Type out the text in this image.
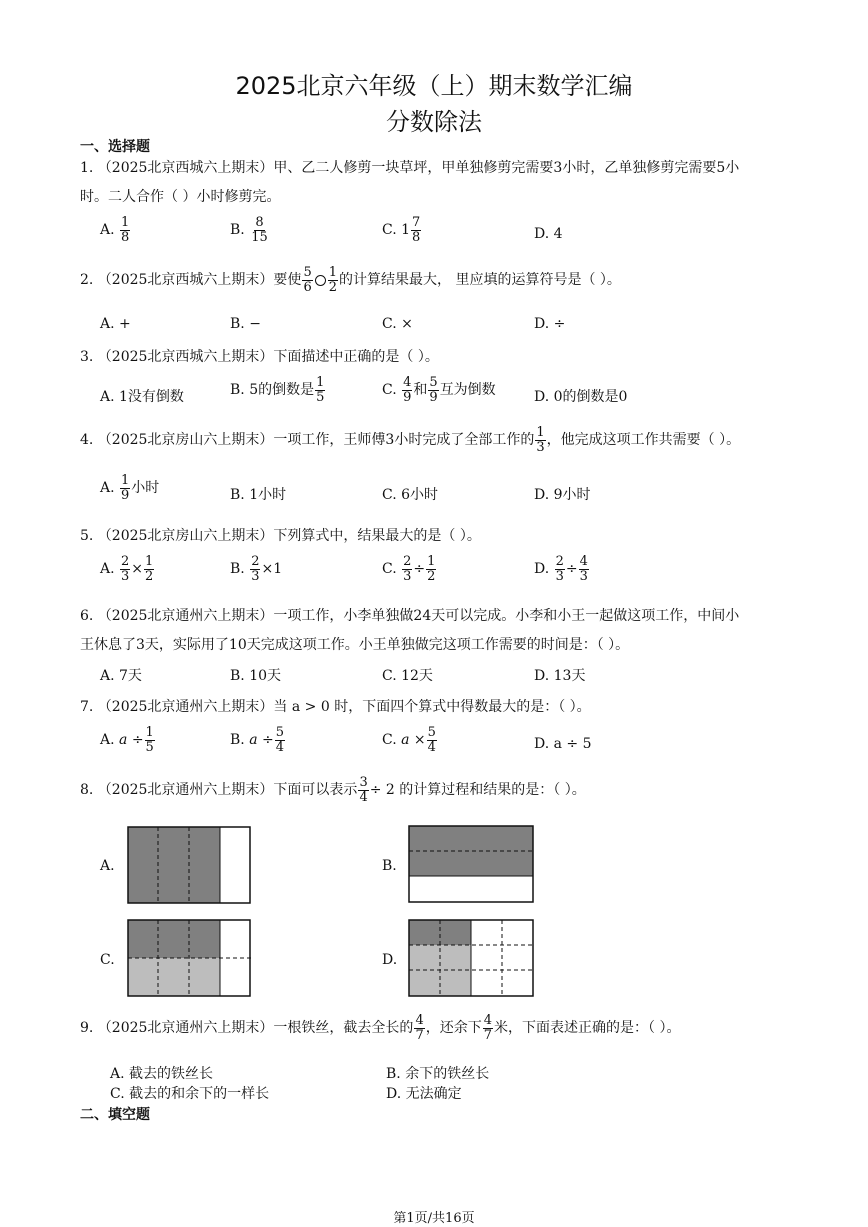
2025北京六年级（上）期末数学汇编
分数除法
一、选择题
1. （2025北京西城六上期末）甲、乙二人修剪一块草坪，甲单独修剪完需要3小时，乙单独修剪完需要5小
时。二人合作（ ）小时修剪完。
A. $\frac{1}{8}$	B. $\frac{8}{15}$	C. $1 \frac{7}{8}$	D. 4
2. （2025北京西城六上期末）要使 $\frac{5}{6} \frac{1}{2}$ 的计算结果最大， 里应填的运算符号是（ ）。
A. +	B. −	C. ×	D. ÷
3. （2025北京西城六上期末）下面描述中正确的是（ ）。
A. 1没有倒数	B. 5的倒数是 $\frac{1}{5}$	C. $\frac{4}{9}$ 和 $\frac{5}{9}$ 互为倒数	D. 0的倒数是0
4. （2025北京房山六上期末）一项工作，王师傅3小时完成了全部工作的 $\frac{1}{3}$ ，他完成这项工作共需要（ ）。
A. $\frac{1}{9}$ 小时	B. 1小时	C. 6小时	D. 9小时
5. （2025北京房山六上期末）下列算式中，结果最大的是（ ）。
A. $\frac{2}{3} \times \frac{1}{2}$	B. $\frac{2}{3} \times 1$	C. $\frac{2}{3} \div \frac{1}{2}$	D. $\frac{2}{3} \div \frac{4}{3}$
6. （2025北京通州六上期末）一项工作，小李单独做24天可以完成。小李和小王一起做这项工作，中间小
王休息了3天，实际用了10天完成这项工作。小王单独做完这项工作需要的时间是：（ ）。
A. 7天	B. 10天	C. 12天	D. 13天
7. （2025北京通州六上期末）当 a > 0 时，下面四个算式中得数最大的是：（ ）。
A. $a \div \frac{1}{5}$	B. $a \div \frac{5}{4}$	C. $a \times \frac{5}{4}$	D. a ÷ 5
8. （2025北京通州六上期末）下面可以表示 $\frac{3}{4} \div 2$ 的计算过程和结果的是：（ ）。
A.	B.
C.	D.
9. （2025北京通州六上期末）一根铁丝，截去全长的 $\frac{4}{7}$ ，还余下 $\frac{4}{7}$ 米，下面表述正确的是：（ ）。
A. 截去的铁丝长	B. 余下的铁丝长
C. 截去的和余下的一样长	D. 无法确定
二、填空题
第1页/共16页
